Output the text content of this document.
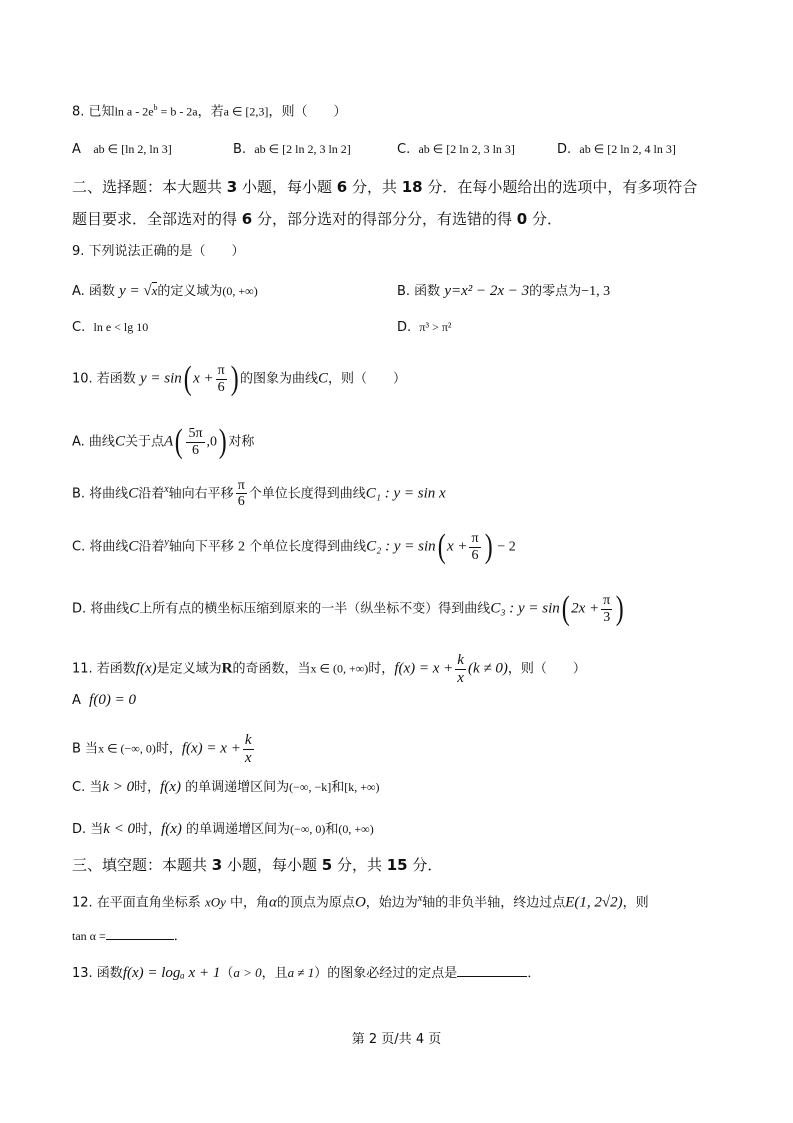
8. 已知$\ln a - 2e^b = b - 2a$，若a ∈ [2,3]，则（　　）
A ab ∈ [ln 2, ln 3]	B. ab ∈ [2 ln 2, 3 ln 2]	C. ab ∈ [2 ln 2, 3 ln 3]	D. ab ∈ [2 ln 2, 4 ln 3]
二、选择题：本大题共 3 小题，每小题 6 分，共 18 分．在每小题给出的选项中，有多项符合
题目要求．全部选对的得 6 分，部分选对的得部分分，有选错的得 0 分．
9. 下列说法正确的是（　　）
A. 函数 y = √x的定义域为(0, +∞)	B. 函数 y=x² − 2x − 3的零点为−1, 3
C. ln e < lg 10	D. π³ > π²
10. 若函数 y = sin( $x + \frac{\pi}{6}$ ) 的图象为曲线C，则（　　）
A. 曲线C关于点$A( \frac{5\pi}{6} ,0)$ 对称
B. 将曲线C沿着$^x$轴向右平移 $\frac{\pi}{6}$ 个单位长度得到曲线C₁ : y = sin x
C. 将曲线C沿着$^y$轴向下平移 2 个单位长度得到曲线C₂ : y = sin( $x + \frac{\pi}{6}$ ) − 2
D. 将曲线C上所有点的横坐标压缩到原来的一半（纵坐标不变）得到曲线C₃ : y = sin( $2x + \frac{\pi}{3}$ )
11. 若函数f(x)是定义域为R的奇函数，当x ∈ (0, +∞)时，$f(x) = x + \frac{k}{x} (k \ne 0)$，则（　　）
A f(0) = 0
B 当x ∈ (−∞, 0)时，$f(x) = x + \frac{k}{x}$
C. 当k > 0时，f(x) 的单调递增区间为(−∞, −k]和[k, +∞)
D. 当k < 0时，f(x) 的单调递增区间为(−∞, 0)和(0, +∞)
三、填空题：本题共 3 小题，每小题 5 分，共 15 分．
12. 在平面直角坐标系 xOy 中，角α的顶点为原点O，始边为$^x$轴的非负半轴，终边过点E(1, 2√2)，则
tan α =	．
13. 函数f(x) = logₐ x + 1（a > 0，且a ≠ 1）的图象必经过的定点是	．
第 2 页/共 4 页
